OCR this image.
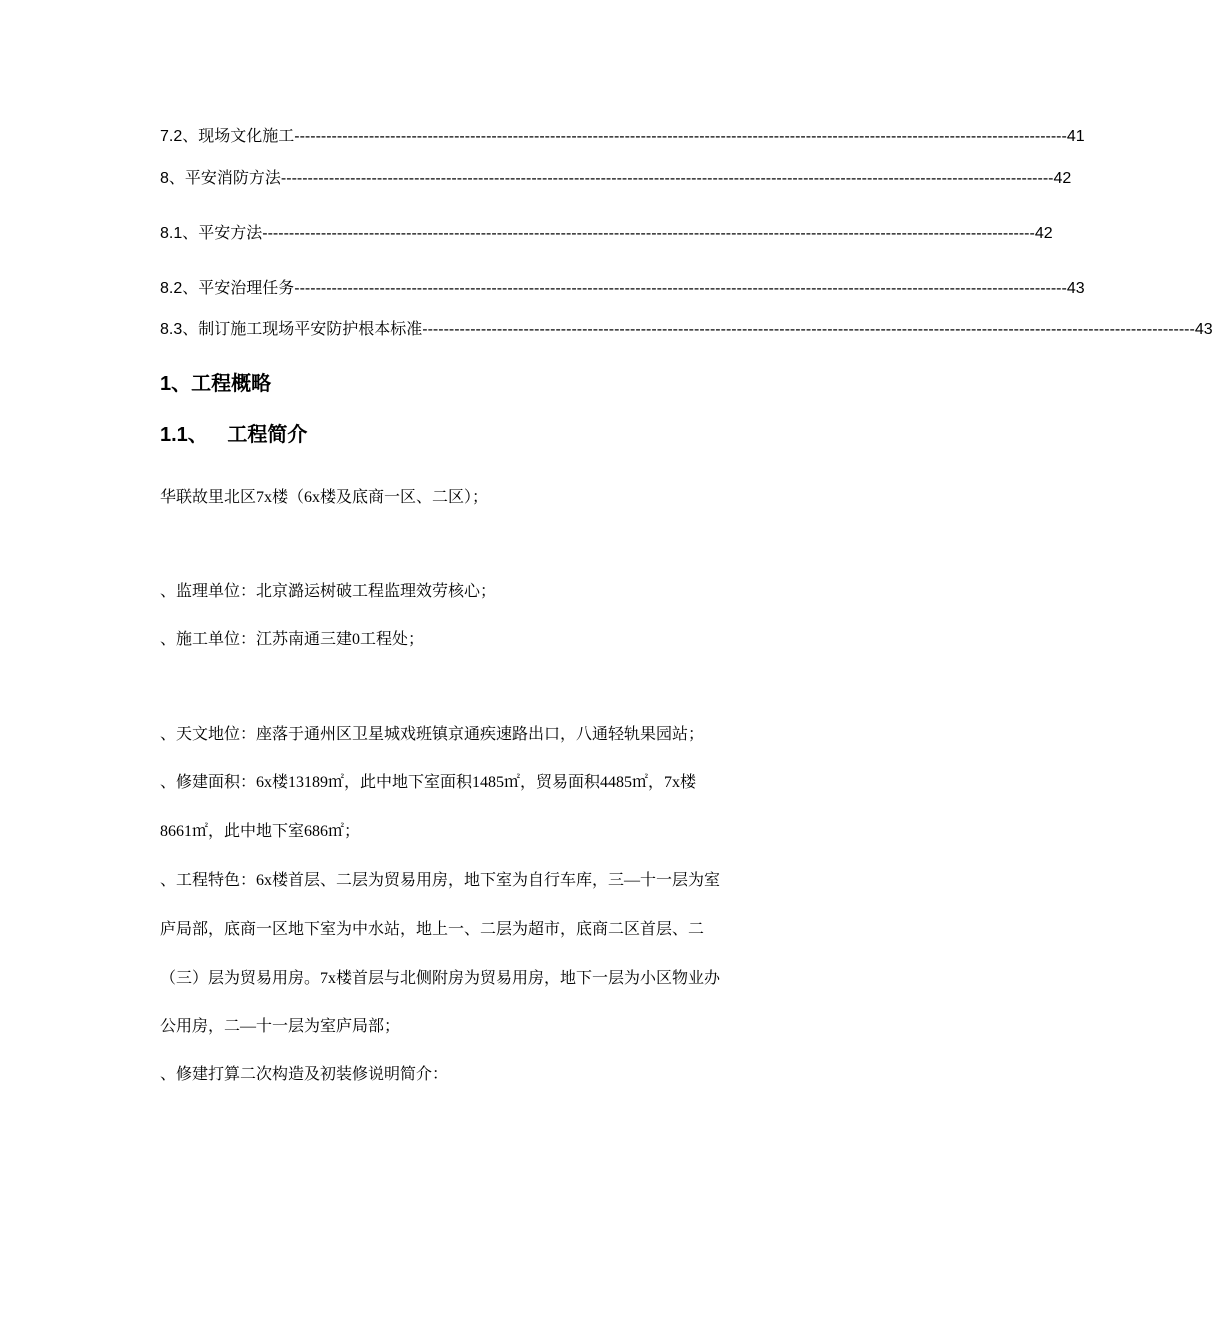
7.2、现场文化施工 ------------------------------------------------------------------------------------------------------------------------------------------------- 41
8、平安消防方法 ------------------------------------------------------------------------------------------------------------------------------------------------- 42
8.1、平安方法 ------------------------------------------------------------------------------------------------------------------------------------------------- 42
8.2、平安治理任务 ------------------------------------------------------------------------------------------------------------------------------------------------- 43
8.3、制订施工现场平安防护根本标准 ------------------------------------------------------------------------------------------------------------------------------------------------- 43
1、工程概略
1.1、 工程简介
华联故里北区7x楼（6x楼及底商一区、二区）；
、监理单位：北京潞运树破工程监理效劳核心；
、施工单位：江苏南通三建0工程处；
、天文地位：座落于通州区卫星城戏班镇京通疾速路出口，八通轻轨果园站；
、修建面积：6x楼13189㎡，此中地下室面积1485㎡，贸易面积4485㎡，7x楼
8661㎡，此中地下室686㎡；
、工程特色：6x楼首层、二层为贸易用房，地下室为自行车库，三—十一层为室
庐局部，底商一区地下室为中水站，地上一、二层为超市，底商二区首层、二
（三）层为贸易用房。7x楼首层与北侧附房为贸易用房，地下一层为小区物业办
公用房，二—十一层为室庐局部；
、修建打算二次构造及初装修说明简介：
